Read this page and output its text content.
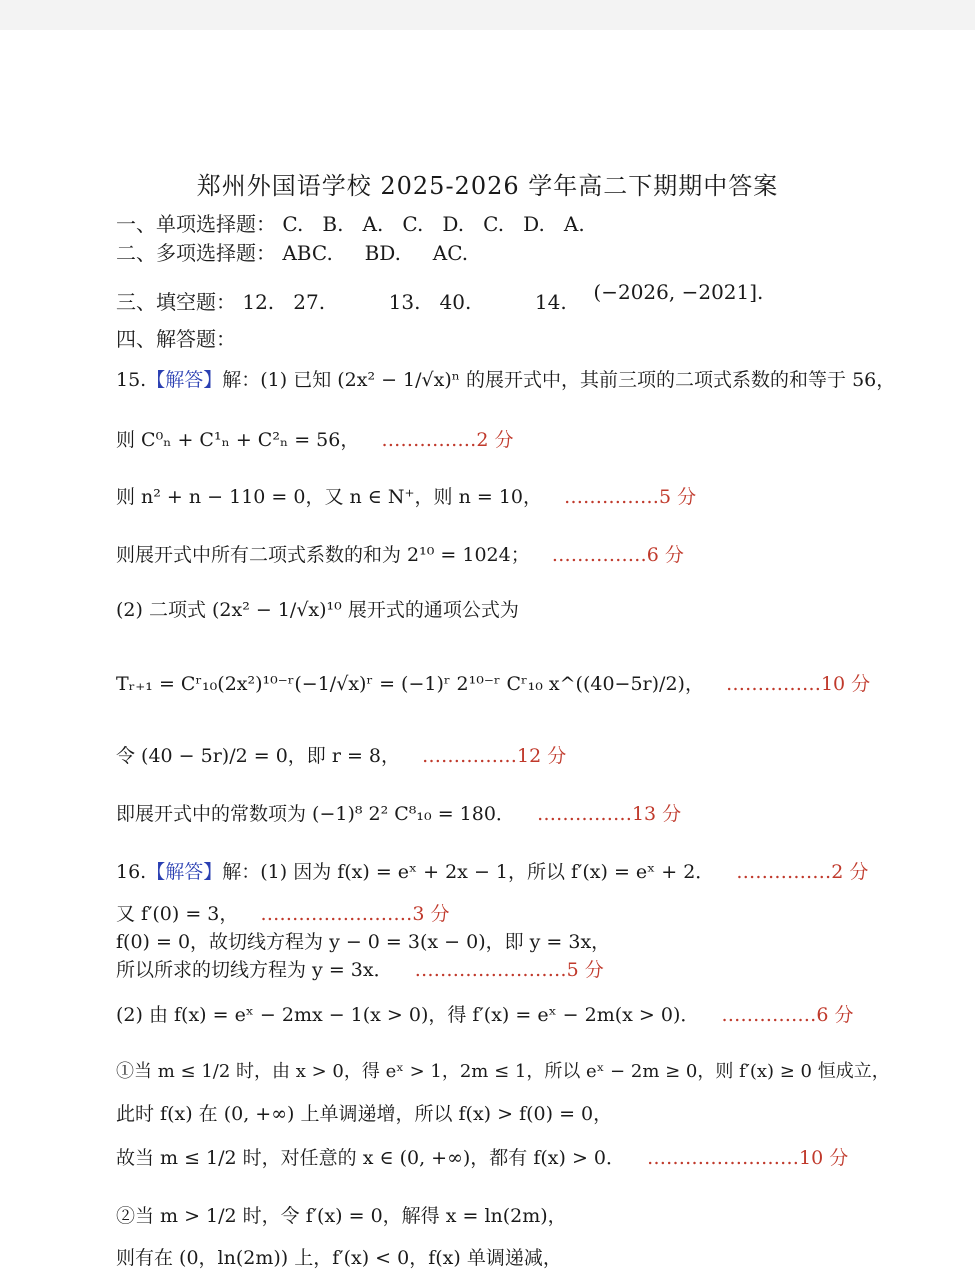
郑州外国语学校 2025-2026 学年高二下期期中答案
一、单项选择题： C.   B.   A.   C.   D.   C.   D.   A.
二、多项选择题： ABC.     BD.     AC.
三、填空题： 12.   27.          13.   40.          14. (−2026, −2021].
四、解答题：
15.【解答】解：(1) 已知 (2x² − 1/√x)ⁿ 的展开式中，其前三项的二项式系数的和等于 56，
则 C⁰ₙ + C¹ₙ + C²ₙ = 56， ……………2 分
则 n² + n − 110 = 0，又 n ∈ N⁺，则 n = 10， ……………5 分
则展开式中所有二项式系数的和为 2¹⁰ = 1024； ……………6 分
(2) 二项式 (2x² − 1/√x)¹⁰ 展开式的通项公式为
Tᵣ₊₁ = Cʳ₁₀(2x²)¹⁰⁻ʳ(−1/√x)ʳ = (−1)ʳ 2¹⁰⁻ʳ Cʳ₁₀ x^((40−5r)/2)， ……………10 分
令 (40 − 5r)/2 = 0，即 r = 8， ……………12 分
即展开式中的常数项为 (−1)⁸ 2² C⁸₁₀ = 180． ……………13 分
16.【解答】解：(1) 因为 f(x) = eˣ + 2x − 1，所以 f′(x) = eˣ + 2． ……………2 分
又 f′(0) = 3， ……………………3 分
f(0) = 0，故切线方程为 y − 0 = 3(x − 0)，即 y = 3x，
所以所求的切线方程为 y = 3x． ……………………5 分
(2) 由 f(x) = eˣ − 2mx − 1(x > 0)，得 f′(x) = eˣ − 2m(x > 0)． ……………6 分
①当 m ≤ 1/2 时，由 x > 0，得 eˣ > 1，2m ≤ 1，所以 eˣ − 2m ≥ 0，则 f′(x) ≥ 0 恒成立，
此时 f(x) 在 (0, +∞) 上单调递增，所以 f(x) > f(0) = 0，
故当 m ≤ 1/2 时，对任意的 x ∈ (0, +∞)，都有 f(x) > 0． ……………………10 分
②当 m > 1/2 时，令 f′(x) = 0，解得 x = ln(2m)，
则有在 (0，ln(2m)) 上，f′(x) < 0，f(x) 单调递减，
